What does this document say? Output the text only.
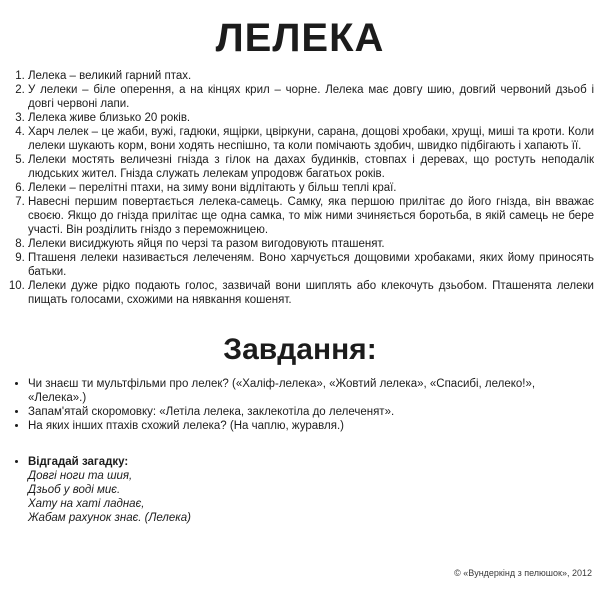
ЛЕЛЕКА
1. Лелека – великий гарний птах.
2. У лелеки – біле оперення, а на кінцях крил – чорне. Лелека має довгу шию, довгий червоний дзьоб і довгі червоні лапи.
3. Лелека живе близько 20 років.
4. Харч лелек – це жаби, вужі, гадюки, ящірки, цвіркуни, сарана, дощові хробаки, хрущі, миші та кроти. Коли лелеки шукають корм, вони ходять неспішно, та коли помічають здобич, швидко підбігають і хапають її.
5. Лелеки мостять величезні гнізда з гілок на дахах будинків, стовпах і деревах, що ростуть неподалік людських жител. Гнізда служать лелекам упродовж багатьох років.
6. Лелеки – перелітні птахи, на зиму вони відлітають у більш теплі краї.
7. Навесні першим повертається лелека-самець. Самку, яка першою прилітає до його гнізда, він вважає своєю. Якщо до гнізда прилітає ще одна самка, то між ними зчиняється боротьба, в якій самець не бере участі. Він розділить гніздо з переможницею.
8. Лелеки висиджують яйця по черзі та разом вигодовують пташенят.
9. Пташеня лелеки називається лелеченям. Воно харчується дощовими хробаками, яких йому приносять батьки.
10. Лелеки дуже рідко подають голос, зазвичай вони шиплять або клекочуть дзьобом. Пташенята лелеки пищать голосами, схожими на нявкання кошенят.
Завдання:
• Чи знаєш ти мультфільми про лелек? («Халіф-лелека», «Жовтий лелека», «Спасибі, лелеко!», «Лелека».)
• Запам'ятай скоромовку: «Летіла лелека, заклекотіла до лелеченят».
• На яких інших птахів схожий лелека? (На чаплю, журавля.)
• Відгадай загадку:
Довгі ноги та шия,
Дзьоб у воді миє.
Хату на хаті ладнає,
Жабам рахунок знає. (Лелека)
© «Вундеркінд з пелюшок», 2012
